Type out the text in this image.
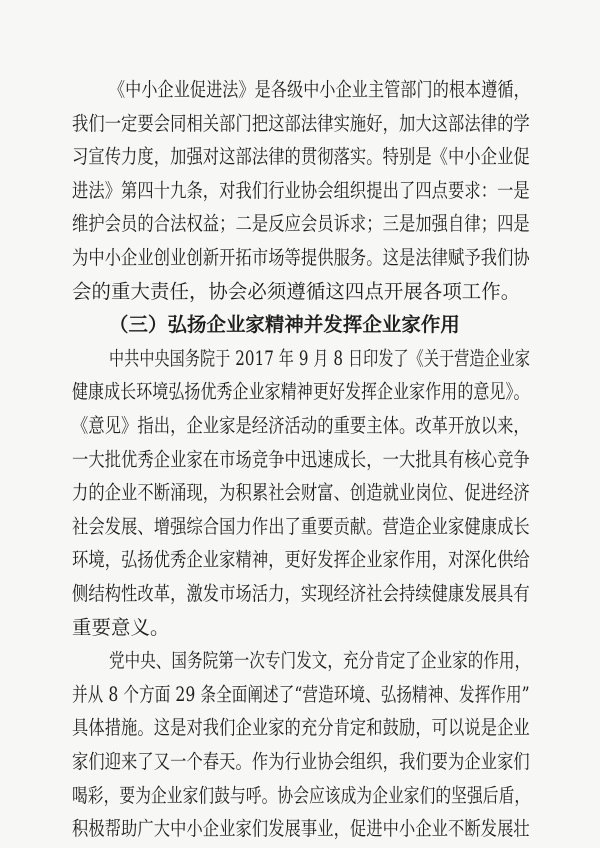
《中小企业促进法》是各级中小企业主管部门的根本遵循，
我们一定要会同相关部门把这部法律实施好，加大这部法律的学
习宣传力度，加强对这部法律的贯彻落实。特别是《中小企业促
进法》第四十九条，对我们行业协会组织提出了四点要求：一是
维护会员的合法权益；二是反应会员诉求；三是加强自律；四是
为中小企业创业创新开拓市场等提供服务。这是法律赋予我们协
会的重大责任，协会必须遵循这四点开展各项工作。
（三）弘扬企业家精神并发挥企业家作用
中共中央国务院于 2017 年 9 月 8 日印发了《关于营造企业家
健康成长环境弘扬优秀企业家精神更好发挥企业家作用的意见》。
《意见》指出，企业家是经济活动的重要主体。改革开放以来，
一大批优秀企业家在市场竞争中迅速成长，一大批具有核心竞争
力的企业不断涌现，为积累社会财富、创造就业岗位、促进经济
社会发展、增强综合国力作出了重要贡献。营造企业家健康成长
环境，弘扬优秀企业家精神，更好发挥企业家作用，对深化供给
侧结构性改革，激发市场活力，实现经济社会持续健康发展具有
重要意义。
党中央、国务院第一次专门发文，充分肯定了企业家的作用，
并从 8 个方面 29 条全面阐述了“营造环境、弘扬精神、发挥作用”
具体措施。这是对我们企业家的充分肯定和鼓励，可以说是企业
家们迎来了又一个春天。作为行业协会组织，我们要为企业家们
喝彩，要为企业家们鼓与呼。协会应该成为企业家们的坚强后盾，
积极帮助广大中小企业家们发展事业，促进中小企业不断发展壮
